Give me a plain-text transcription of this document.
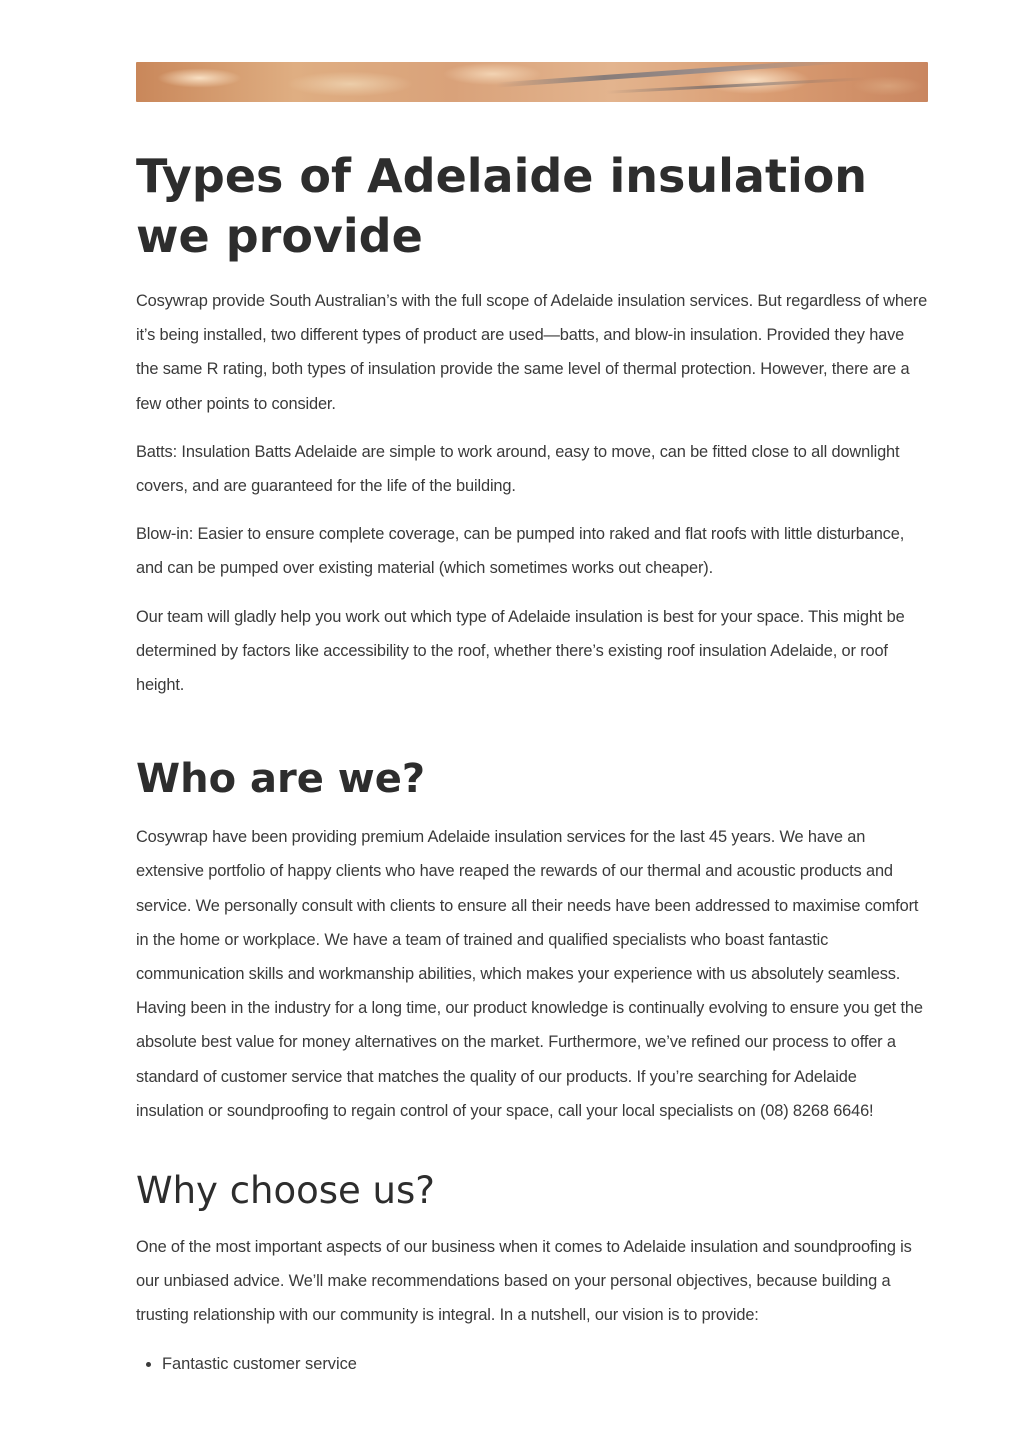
Types of Adelaide insulation we provide

Cosywrap provide South Australian’s with the full scope of Adelaide insulation services. But regardless of where it’s being installed, two different types of product are used—batts, and blow-in insulation. Provided they have the same R rating, both types of insulation provide the same level of thermal protection. However, there are a few other points to consider.

Batts: Insulation Batts Adelaide are simple to work around, easy to move, can be fitted close to all downlight covers, and are guaranteed for the life of the building.

Blow-in: Easier to ensure complete coverage, can be pumped into raked and flat roofs with little disturbance, and can be pumped over existing material (which sometimes works out cheaper).

Our team will gladly help you work out which type of Adelaide insulation is best for your space. This might be determined by factors like accessibility to the roof, whether there’s existing roof insulation Adelaide, or roof height.

Who are we?

Cosywrap have been providing premium Adelaide insulation services for the last 45 years. We have an extensive portfolio of happy clients who have reaped the rewards of our thermal and acoustic products and service. We personally consult with clients to ensure all their needs have been addressed to maximise comfort in the home or workplace. We have a team of trained and qualified specialists who boast fantastic communication skills and workmanship abilities, which makes your experience with us absolutely seamless. Having been in the industry for a long time, our product knowledge is continually evolving to ensure you get the absolute best value for money alternatives on the market. Furthermore, we’ve refined our process to offer a standard of customer service that matches the quality of our products. If you’re searching for Adelaide insulation or soundproofing to regain control of your space, call your local specialists on (08) 8268 6646!

Why choose us?

One of the most important aspects of our business when it comes to Adelaide insulation and soundproofing is our unbiased advice. We’ll make recommendations based on your personal objectives, because building a trusting relationship with our community is integral. In a nutshell, our vision is to provide:

• Fantastic customer service
